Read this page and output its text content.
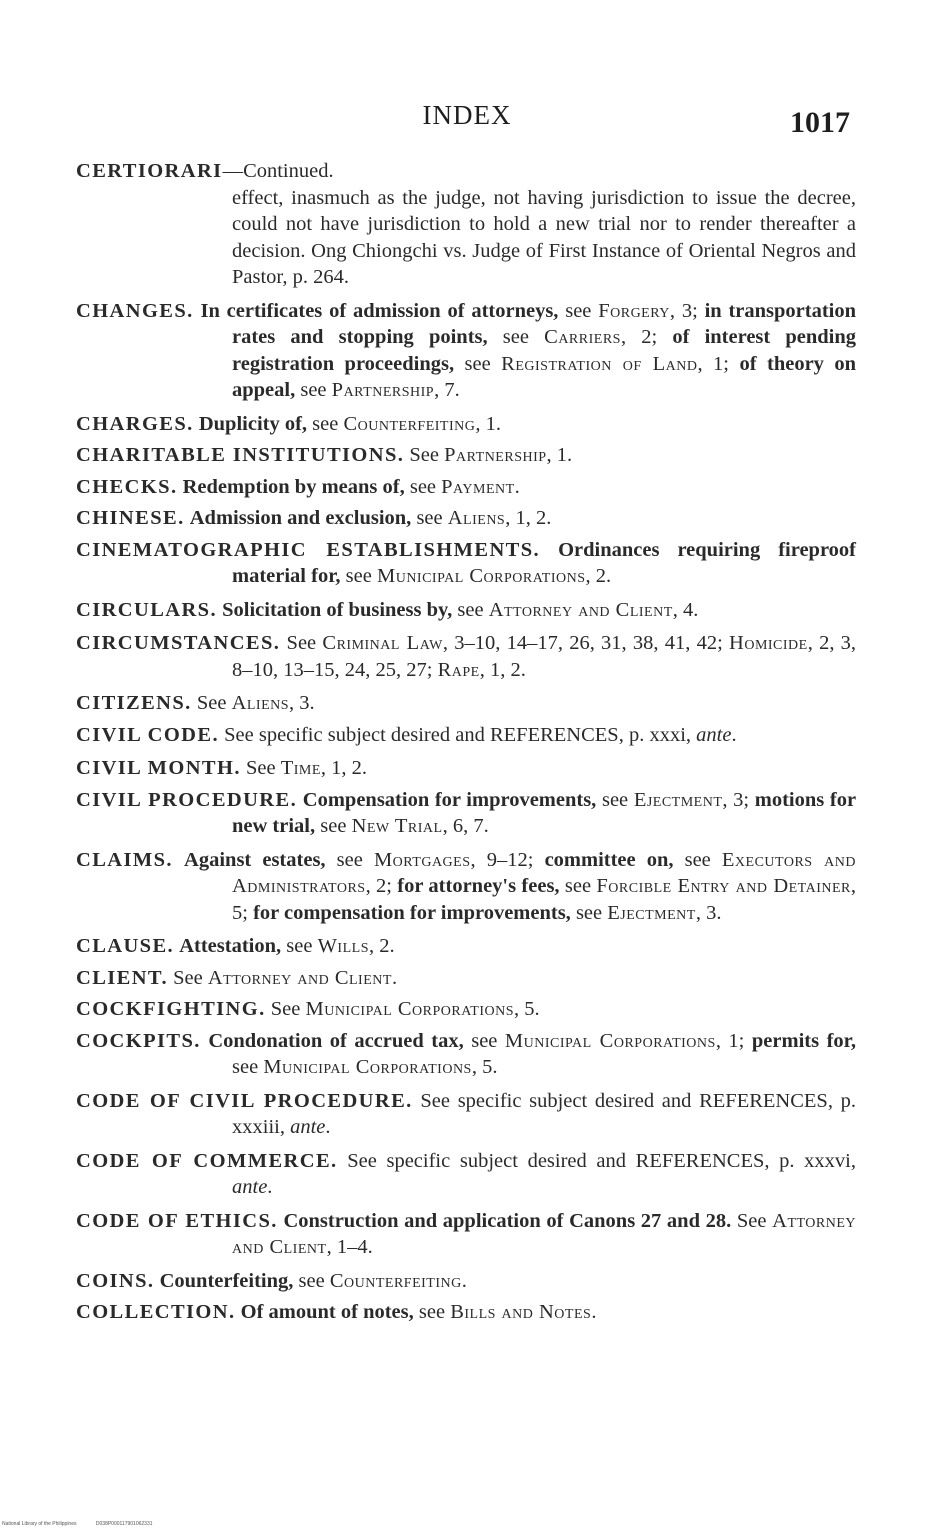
INDEX	1017
CERTIORARI—Continued.
effect, inasmuch as the judge, not having jurisdiction to issue the decree, could not have jurisdiction to hold a new trial nor to render thereafter a decision. Ong Chiongchi vs. Judge of First Instance of Oriental Negros and Pastor, p. 264.
CHANGES. In certificates of admission of attorneys, see Forgery, 3; in transportation rates and stopping points, see Carriers, 2; of interest pending registration proceedings, see Registration of Land, 1; of theory on appeal, see Partnership, 7.
CHARGES. Duplicity of, see Counterfeiting, 1.
CHARITABLE INSTITUTIONS. See Partnership, 1.
CHECKS. Redemption by means of, see Payment.
CHINESE. Admission and exclusion, see Aliens, 1, 2.
CINEMATOGRAPHIC ESTABLISHMENTS. Ordinances requiring fireproof material for, see Municipal Corporations, 2.
CIRCULARS. Solicitation of business by, see Attorney and Client, 4.
CIRCUMSTANCES. See Criminal Law, 3–10, 14–17, 26, 31, 38, 41, 42; Homicide, 2, 3, 8–10, 13–15, 24, 25, 27; Rape, 1, 2.
CITIZENS. See Aliens, 3.
CIVIL CODE. See specific subject desired and REFERENCES, p. xxxi, ante.
CIVIL MONTH. See Time, 1, 2.
CIVIL PROCEDURE. Compensation for improvements, see Ejectment, 3; motions for new trial, see New Trial, 6, 7.
CLAIMS. Against estates, see Mortgages, 9–12; committee on, see Executors and Administrators, 2; for attorney's fees, see Forcible Entry and Detainer, 5; for compensation for improvements, see Ejectment, 3.
CLAUSE. Attestation, see Wills, 2.
CLIENT. See Attorney and Client.
COCKFIGHTING. See Municipal Corporations, 5.
COCKPITS. Condonation of accrued tax, see Municipal Corporations, 1; permits for, see Municipal Corporations, 5.
CODE OF CIVIL PROCEDURE. See specific subject desired and REFERENCES, p. xxxiii, ante.
CODE OF COMMERCE. See specific subject desired and REFERENCES, p. xxxvi, ante.
CODE OF ETHICS. Construction and application of Canons 27 and 28. See Attorney and Client, 1–4.
COINS. Counterfeiting, see Counterfeiting.
COLLECTION. Of amount of notes, see Bills and Notes.
National Library of the Philippines	D038P000117901062331
